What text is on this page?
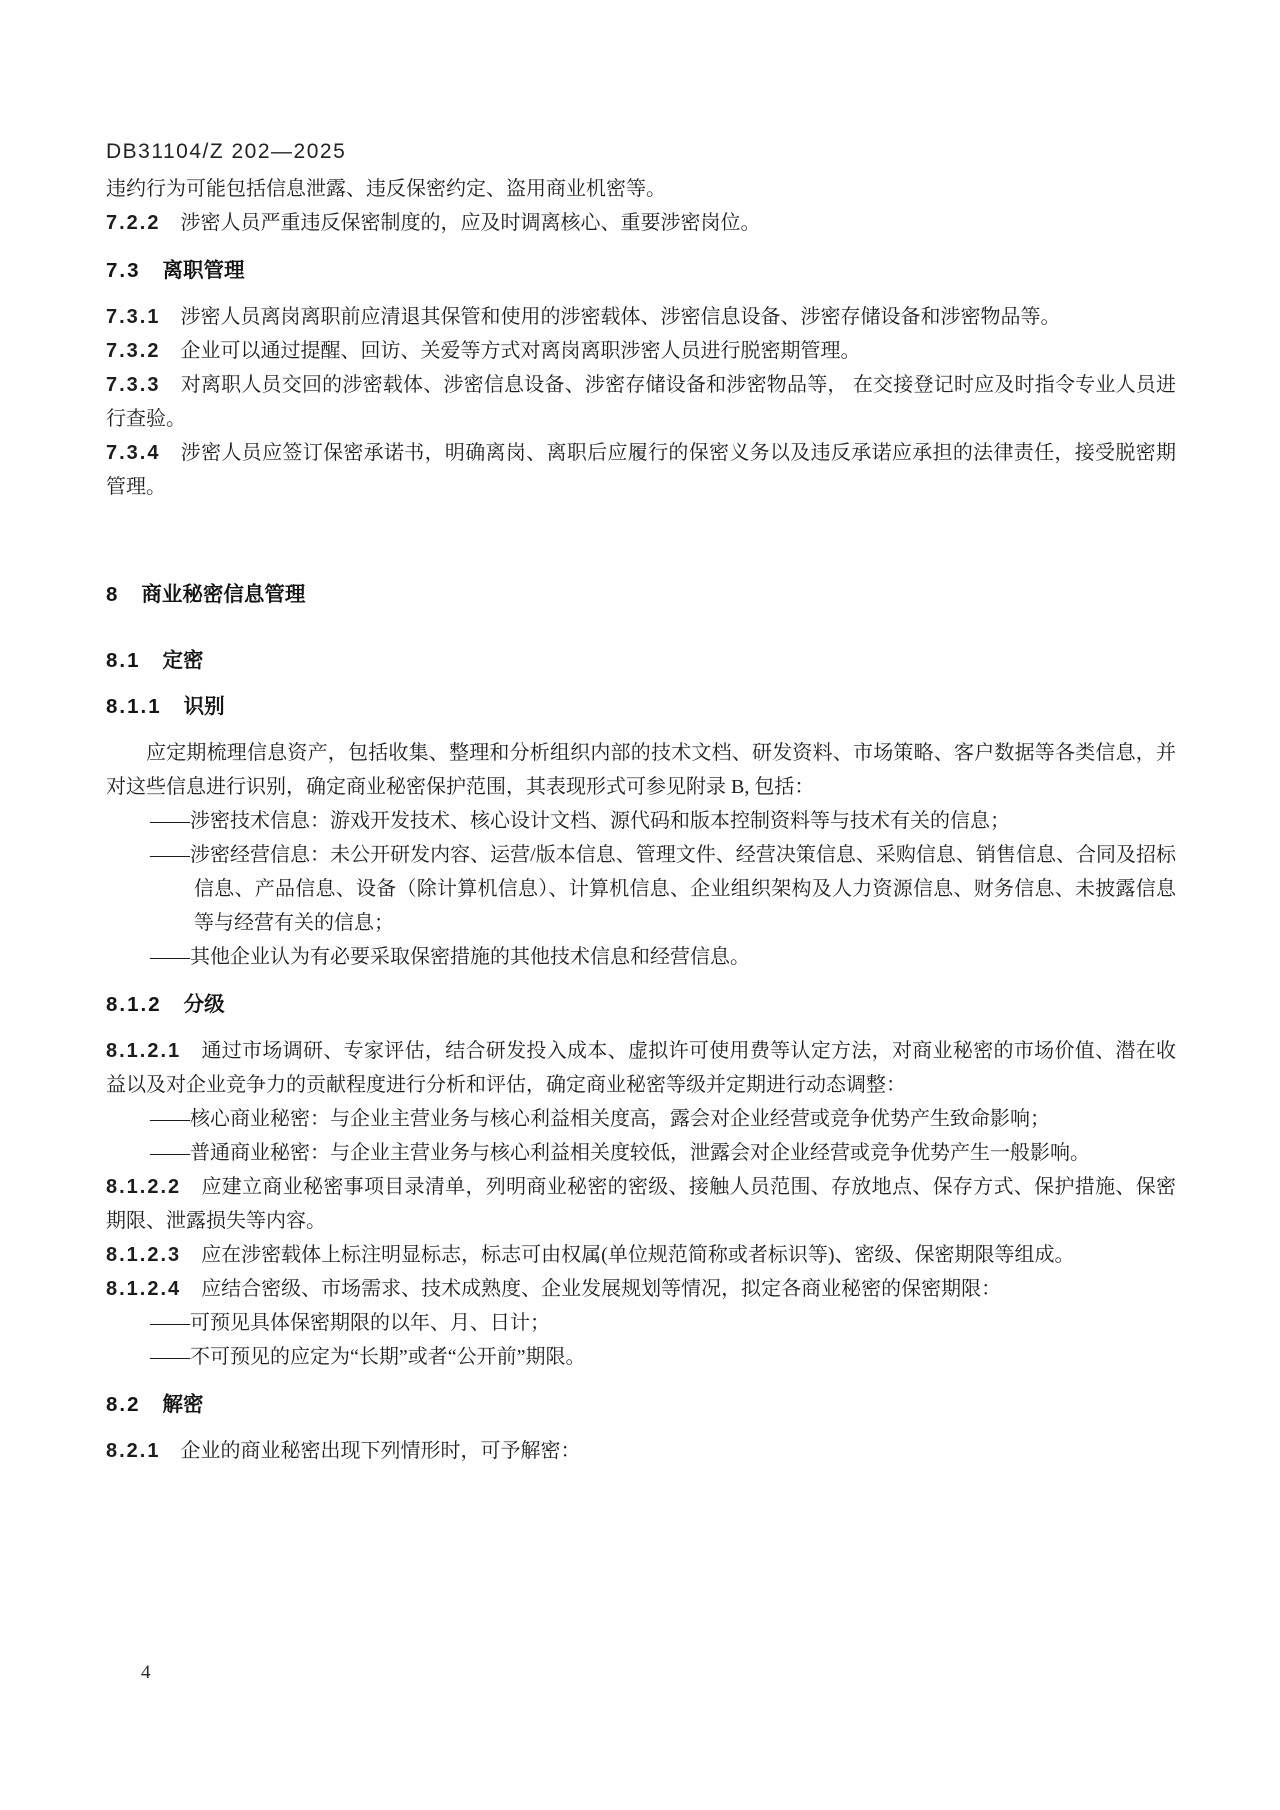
DB31104/Z 202—2025
违约行为可能包括信息泄露、违反保密约定、盗用商业机密等。
7.2.2 涉密人员严重违反保密制度的，应及时调离核心、重要涉密岗位。
7.3 离职管理
7.3.1 涉密人员离岗离职前应清退其保管和使用的涉密载体、涉密信息设备、涉密存储设备和涉密物品等。
7.3.2 企业可以通过提醒、回访、关爱等方式对离岗离职涉密人员进行脱密期管理。
7.3.3 对离职人员交回的涉密载体、涉密信息设备、涉密存储设备和涉密物品等， 在交接登记时应及时指令专业人员进行查验。
7.3.4 涉密人员应签订保密承诺书，明确离岗、离职后应履行的保密义务以及违反承诺应承担的法律责任，接受脱密期管理。
8 商业秘密信息管理
8.1 定密
8.1.1 识别
应定期梳理信息资产，包括收集、整理和分析组织内部的技术文档、研发资料、市场策略、客户数据等各类信息，并对这些信息进行识别，确定商业秘密保护范围，其表现形式可参见附录 B, 包括：
——涉密技术信息：游戏开发技术、核心设计文档、源代码和版本控制资料等与技术有关的信息；
——涉密经营信息：未公开研发内容、运营/版本信息、管理文件、经营决策信息、采购信息、销售信息、合同及招标信息、产品信息、设备（除计算机信息）、计算机信息、企业组织架构及人力资源信息、财务信息、未披露信息等与经营有关的信息；
——其他企业认为有必要采取保密措施的其他技术信息和经营信息。
8.1.2 分级
8.1.2.1 通过市场调研、专家评估，结合研发投入成本、虚拟许可使用费等认定方法，对商业秘密的市场价值、潜在收益以及对企业竞争力的贡献程度进行分析和评估，确定商业秘密等级并定期进行动态调整：
——核心商业秘密：与企业主营业务与核心利益相关度高，露会对企业经营或竞争优势产生致命影响；
——普通商业秘密：与企业主营业务与核心利益相关度较低，泄露会对企业经营或竞争优势产生一般影响。
8.1.2.2 应建立商业秘密事项目录清单，列明商业秘密的密级、接触人员范围、存放地点、保存方式、保护措施、保密期限、泄露损失等内容。
8.1.2.3 应在涉密载体上标注明显标志，标志可由权属(单位规范简称或者标识等)、密级、保密期限等组成。
8.1.2.4 应结合密级、市场需求、技术成熟度、企业发展规划等情况，拟定各商业秘密的保密期限：
——可预见具体保密期限的以年、月、日计；
——不可预见的应定为“长期”或者“公开前”期限。
8.2 解密
8.2.1 企业的商业秘密出现下列情形时，可予解密：
4
